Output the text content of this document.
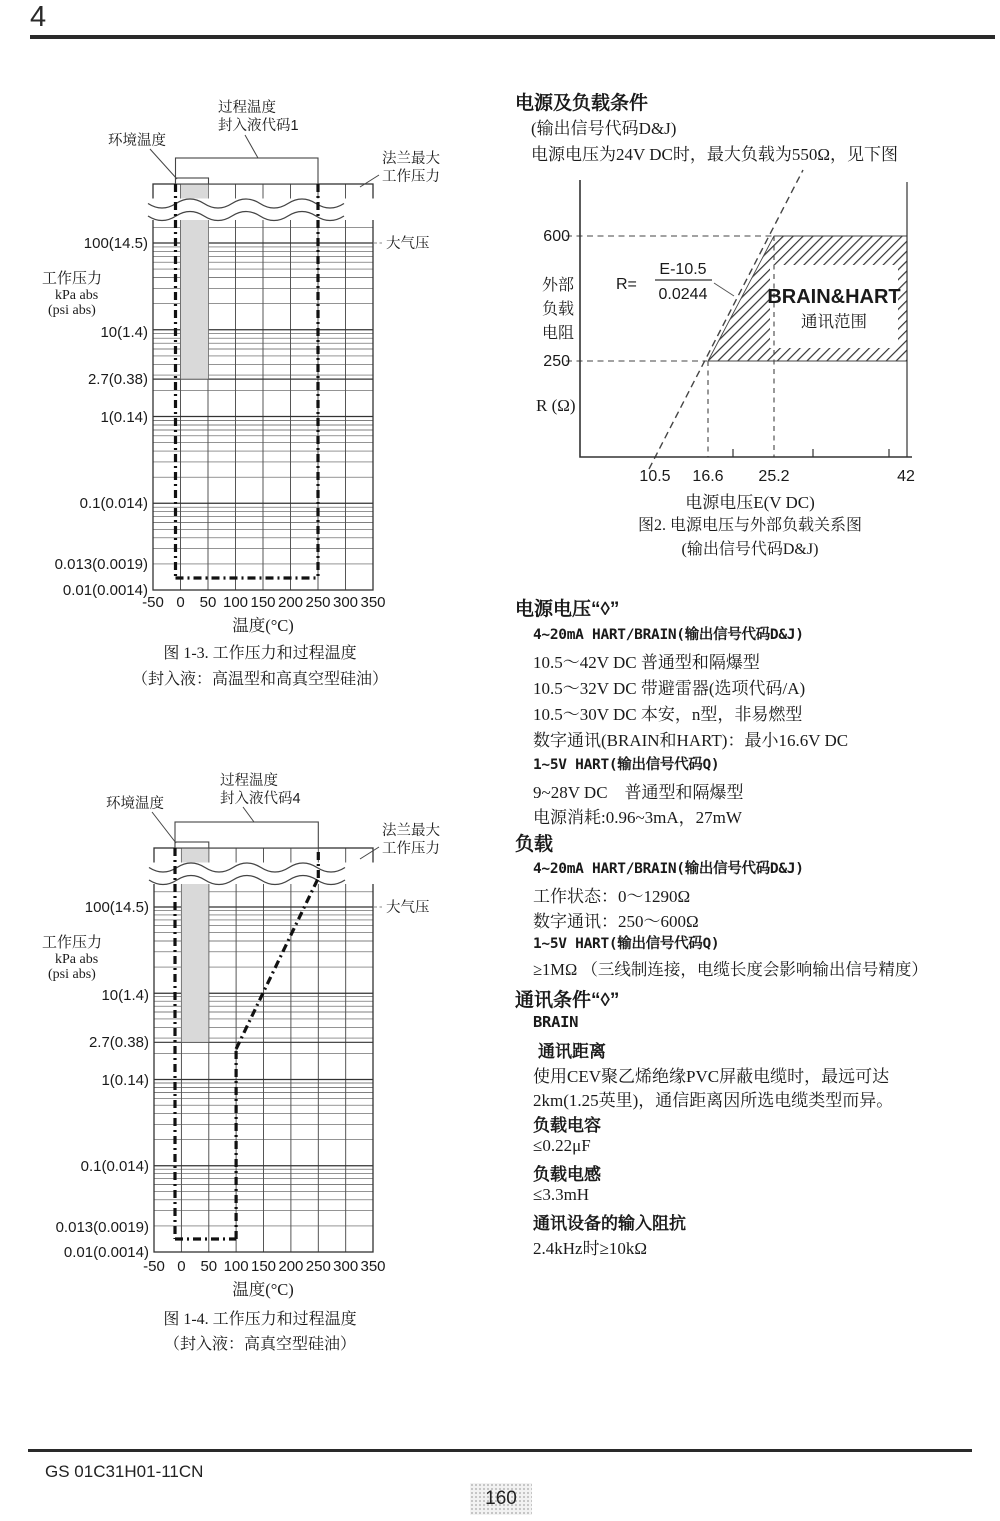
4
环境温度
过程温度
封入液代码1
法兰最大
工作压力
大气压
工作压力
kPa abs
(psi abs)
100(14.5)
10(1.4)
2.7(0.38)
1(0.14)
0.1(0.014)
0.013(0.0019)
0.01(0.0014)
-50 0 50 100 150 200 250 300 350
温度(°C)
图 1-3. 工作压力和过程温度
（封入液：高温型和高真空型硅油）
环境温度
过程温度
封入液代码4
法兰最大
工作压力
大气压
工作压力
kPa abs
(psi abs)
100(14.5)
10(1.4)
2.7(0.38)
1(0.14)
0.1(0.014)
0.013(0.0019)
0.01(0.0014)
-50 0 50 100 150 200 250 300 350
温度(°C)
图 1-4. 工作压力和过程温度
（封入液：高真空型硅油）
电源及负载条件
(输出信号代码D&J)
电源电压为24V DC时，最大负载为550Ω，见下图
600
250
外部
负载
电阻
R (Ω)
R=
E-10.5
0.0244	BRAIN&HART
通讯范围
10.5 16.6 25.2	42
电源电压E(V DC)
图2. 电源电压与外部负载关系图
(输出信号代码D&J)
电源电压“◊”
4~20mA HART/BRAIN(输出信号代码D&J)
10.5～42V DC 普通型和隔爆型
10.5～32V DC 带避雷器(选项代码/A)
10.5～30V DC 本安，n型，非易燃型
数字通讯(BRAIN和HART)：最小16.6V DC
1~5V HART(输出信号代码Q)
9~28V DC　普通型和隔爆型
电源消耗:0.96~3mA，27mW
负载
4~20mA HART/BRAIN(输出信号代码D&J)
工作状态：0～1290Ω
数字通讯：250～600Ω
1~5V HART(输出信号代码Q)
≥1MΩ （三线制连接，电缆长度会影响输出信号精度）
通讯条件“◊”
BRAIN
通讯距离
使用CEV聚乙烯绝缘PVC屏蔽电缆时，最远可达
2km(1.25英里)，通信距离因所选电缆类型而异。
负载电容
≤0.22μF
负载电感
≤3.3mH
通讯设备的输入阻抗
2.4kHz时≥10kΩ
GS 01C31H01-11CN
160
